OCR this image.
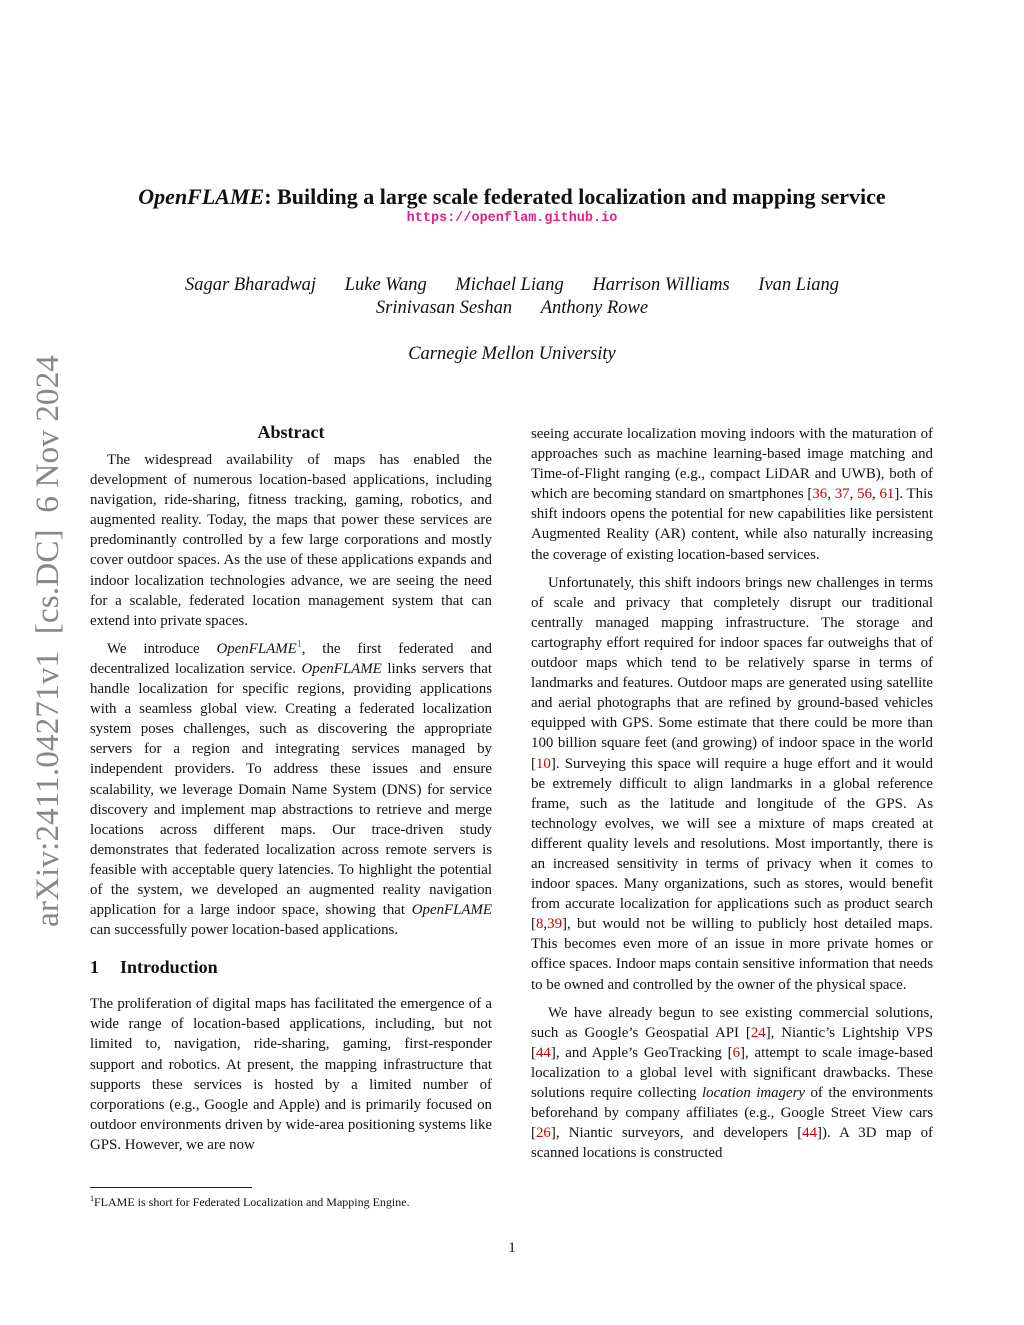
arXiv:2411.04271v1  [cs.DC]  6 Nov 2024
OpenFLAME: Building a large scale federated localization and mapping service
https://openflam.github.io
Sagar Bharadwaj Luke Wang Michael Liang Harrison Williams Ivan Liang
Srinivasan Seshan Anthony Rowe
Carnegie Mellon University
Abstract

The widespread availability of maps has enabled the development of numerous location-based applications, including navigation, ride-sharing, fitness tracking, gaming, robotics, and augmented reality. Today, the maps that power these services are predominantly controlled by a few large corporations and mostly cover outdoor spaces. As the use of these applications expands and indoor localization technologies advance, we are seeing the need for a scalable, federated location management system that can extend into private spaces.

We introduce OpenFLAME$^1$, the first federated and decentralized localization service. OpenFLAME links servers that handle localization for specific regions, providing applications with a seamless global view. Creating a federated localization system poses challenges, such as discovering the appropriate servers for a region and integrating services managed by independent providers. To address these issues and ensure scalability, we leverage Domain Name System (DNS) for service discovery and implement map abstractions to retrieve and merge locations across different maps. Our trace-driven study demonstrates that federated localization across remote servers is feasible with acceptable query latencies. To highlight the potential of the system, we developed an augmented reality navigation application for a large indoor space, showing that OpenFLAME can successfully power location-based applications.

1 Introduction

The proliferation of digital maps has facilitated the emergence of a wide range of location-based applications, including, but not limited to, navigation, ride-sharing, gaming, first-responder support and robotics. At present, the mapping infrastructure that supports these services is hosted by a limited number of corporations (e.g., Google and Apple) and is primarily focused on outdoor environments driven by wide-area positioning systems like GPS. However, we are now

seeing accurate localization moving indoors with the maturation of approaches such as machine learning-based image matching and Time-of-Flight ranging (e.g., compact LiDAR and UWB), both of which are becoming standard on smartphones [36, 37, 56, 61]. This shift indoors opens the potential for new capabilities like persistent Augmented Reality (AR) content, while also naturally increasing the coverage of existing location-based services.

Unfortunately, this shift indoors brings new challenges in terms of scale and privacy that completely disrupt our traditional centrally managed mapping infrastructure. The storage and cartography effort required for indoor spaces far outweighs that of outdoor maps which tend to be relatively sparse in terms of landmarks and features. Outdoor maps are generated using satellite and aerial photographs that are refined by ground-based vehicles equipped with GPS. Some estimate that there could be more than 100 billion square feet (and growing) of indoor space in the world [10]. Surveying this space will require a huge effort and it would be extremely difficult to align landmarks in a global reference frame, such as the latitude and longitude of the GPS. As technology evolves, we will see a mixture of maps created at different quality levels and resolutions. Most importantly, there is an increased sensitivity in terms of privacy when it comes to indoor spaces. Many organizations, such as stores, would benefit from accurate localization for applications such as product search [8,39], but would not be willing to publicly host detailed maps. This becomes even more of an issue in more private homes or office spaces. Indoor maps contain sensitive information that needs to be owned and controlled by the owner of the physical space.

We have already begun to see existing commercial solutions, such as Google’s Geospatial API [24], Niantic’s Lightship VPS [44], and Apple’s GeoTracking [6], attempt to scale image-based localization to a global level with significant drawbacks. These solutions require collecting location imagery of the environments beforehand by company affiliates (e.g., Google Street View cars [26], Niantic surveyors, and developers [44]). A 3D map of scanned locations is constructed

$^1$FLAME is short for Federated Localization and Mapping Engine.
1
